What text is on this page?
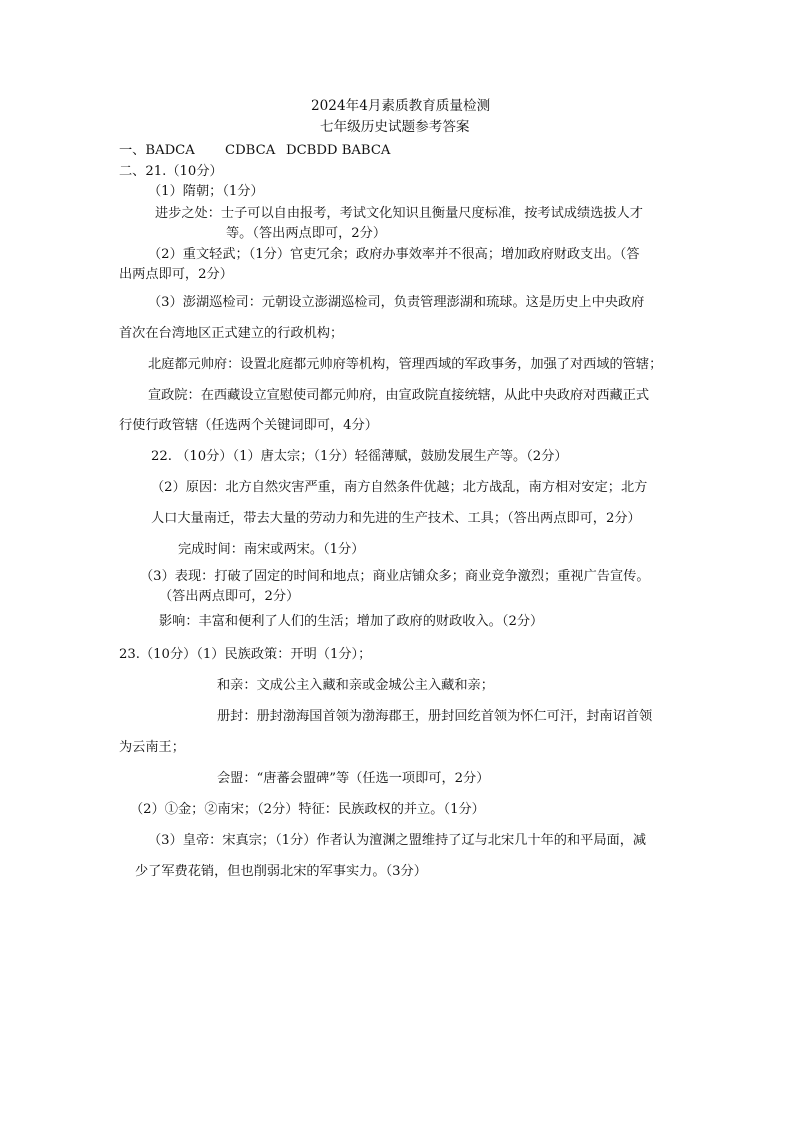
2024年4月素质教育质量检测
七年级历史试题参考答案
一、BADCA CDBCA DCBDD BABCA
二、21.（10分）
（1）隋朝；（1分）
进步之处：士子可以自由报考，考试文化知识且衡量尺度标准，按考试成绩选拔人才
等。（答出两点即可，2分）
（2）重文轻武；（1分）官吏冗余；政府办事效率并不很高；增加政府财政支出。（答
出两点即可，2分）
（3）澎湖巡检司：元朝设立澎湖巡检司，负责管理澎湖和琉球。这是历史上中央政府
首次在台湾地区正式建立的行政机构；
北庭都元帅府：设置北庭都元帅府等机构，管理西域的军政事务，加强了对西域的管辖；
宣政院：在西藏设立宣慰使司都元帅府，由宣政院直接统辖，从此中央政府对西藏正式
行使行政管辖（任选两个关键词即可，4分）
22. （10分）（1）唐太宗；（1分）轻徭薄赋，鼓励发展生产等。（2分）
（2）原因：北方自然灾害严重，南方自然条件优越；北方战乱，南方相对安定；北方
人口大量南迁，带去大量的劳动力和先进的生产技术、工具；（答出两点即可，2分）
完成时间：南宋或两宋。（1分）
（3）表现：打破了固定的时间和地点；商业店铺众多；商业竞争激烈；重视广告宣传。
（答出两点即可，2分）
影响：丰富和便利了人们的生活；增加了政府的财政收入。（2分）
23.（10分）（1）民族政策：开明（1分）；
和亲：文成公主入藏和亲或金城公主入藏和亲；
册封：册封渤海国首领为渤海郡王，册封回纥首领为怀仁可汗，封南诏首领
为云南王；
会盟：“唐蕃会盟碑”等（任选一项即可，2分）
（2）①金；②南宋；（2分）特征：民族政权的并立。（1分）
（3）皇帝：宋真宗；（1分）作者认为澶渊之盟维持了辽与北宋几十年的和平局面，减
少了军费花销，但也削弱北宋的军事实力。（3分）
